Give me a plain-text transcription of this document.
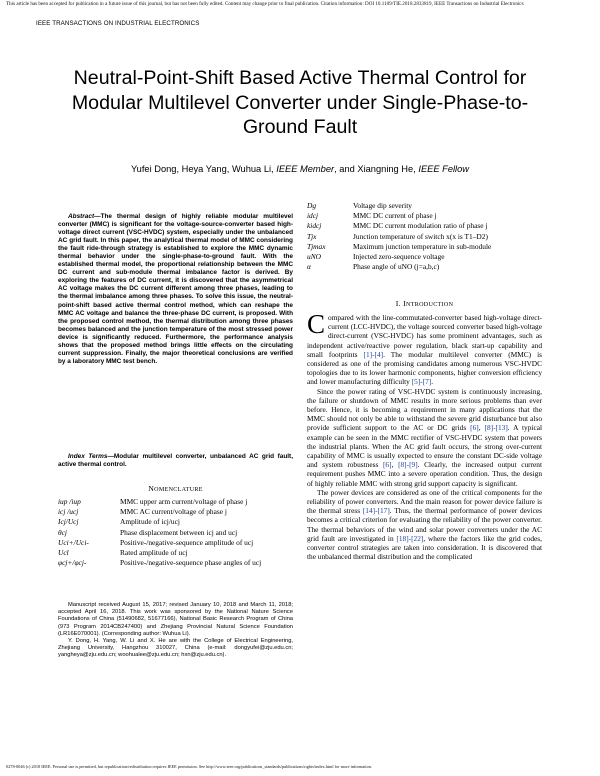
This article has been accepted for publication in a future issue of this journal, but has not been fully edited. Content may change prior to final publication. Citation information: DOI 10.1109/TIE.2018.2833819, IEEE Transactions on Industrial Electronics
IEEE TRANSACTIONS ON INDUSTRIAL ELECTRONICS
Neutral-Point-Shift Based Active Thermal Control for Modular Multilevel Converter under Single-Phase-to-Ground Fault
Yufei Dong, Heya Yang, Wuhua Li, IEEE Member, and Xiangning He, IEEE Fellow

Abstract—The thermal design of highly reliable modular multilevel converter (MMC) is significant for the voltage-source-converter based high-voltage direct current (VSC-HVDC) system, especially under the unbalanced AC grid fault. In this paper, the analytical thermal model of MMC considering the fault ride-through strategy is established to explore the MMC dynamic thermal behavior under the single-phase-to-ground fault. With the established thermal model, the proportional relationship between the MMC DC current and sub-module thermal imbalance factor is derived. By exploring the features of DC current, it is discovered that the asymmetrical AC voltage makes the DC current different among three phases, leading to the thermal imbalance among three phases. To solve this issue, the neutral-point-shift based active thermal control method, which can reshape the MMC AC voltage and balance the three-phase DC current, is proposed. With the proposed control method, the thermal distribution among three phases becomes balanced and the junction temperature of the most stressed power device is significantly reduced. Furthermore, the performance analysis shows that the proposed method brings little effects on the circulating current suppression. Finally, the major theoretical conclusions are verified by a laboratory MMC test bench.

Index Terms—Modular multilevel converter, unbalanced AC grid fault, active thermal control.

NOMENCLATURE
iup /iup	MMC upper arm current/voltage of phase j
icj /ucj	MMC AC current/voltage of phase j
Icj/Ucj	Amplitude of icj/ucj
θcj	Phase displacement between icj and ucj
Uci+/Uci-	Positive-/negative-sequence amplitude of ucj
Ucl	Rated amplitude of ucj
φcj+/φcj-	Positive-/negative-sequence phase angles of ucj

Manuscript received August 15, 2017; revised January 10, 2018 and March 11, 2018; accepted April 16, 2018. This work was sponsored by the National Nature Science Foundations of China (51490682, 51677166), National Basic Research Program of China (973 Program 2014CB247400) and Zhejiang Provincial Natural Science Foundation (LR16E070001). (Corresponding author: Wuhua Li).

Y. Dong, H. Yang, W. Li and X. He are with the College of Electrical Engineering, Zhejiang University, Hangzhou 310027, China (e-mail: dongyufei@zju.edu.cn; yangheya@zju.edu.cn; woohualee@zju.edu.cn; hxn@zju.edu.cn).

Dg	Voltage dip severity
idcj	MMC DC current of phase j
kidcj	MMC DC current modulation ratio of phase j
Tjx	Junction temperature of switch x(x is T1–D2)
Tjmax	Maximum junction temperature in sub-module
uNO	Injected zero-sequence voltage
α	Phase angle of uNO (j=a,b,c)
I. INTRODUCTION

Compared with the line-commutated-converter based high-voltage direct-current (LCC-HVDC), the voltage sourced converter based high-voltage direct-current (VSC-HVDC) has some prominent advantages, such as independent active/reactive power regulation, black start-up capability and small footprints [1]-[4]. The modular multilevel converter (MMC) is considered as one of the promising candidates among numerous VSC-HVDC topologies due to its lower harmonic components, higher conversion efficiency and lower manufacturing difficulty [5]-[7].

Since the power rating of VSC-HVDC system is continuously increasing, the failure or shutdown of MMC results in more serious problems than ever before. Hence, it is becoming a requirement in many applications that the MMC should not only be able to withstand the severe grid disturbance but also provide sufficient support to the AC or DC grids [6], [8]-[13]. A typical example can be seen in the MMC rectifier of VSC-HVDC system that powers the industrial plants. When the AC grid fault occurs, the strong over-current capability of MMC is usually expected to ensure the constant DC-side voltage and system robustness [6], [8]-[9]. Clearly, the increased output current requirement pushes MMC into a severe operation condition. Thus, the design of highly reliable MMC with strong grid support capacity is significant.

The power devices are considered as one of the critical components for the reliability of power converters. And the main reason for power device failure is the thermal stress [14]-[17]. Thus, the thermal performance of power devices becomes a critical criterion for evaluating the reliability of the power converter. The thermal behaviors of the wind and solar power converters under the AC grid fault are investigated in [18]-[22], where the factors like the grid codes, converter control strategies are taken into consideration. It is discovered that the unbalanced thermal distribution and the complicated

0278-0046 (c) 2018 IEEE. Personal use is permitted, but republication/redistribution requires IEEE permission. See http://www.ieee.org/publications_standards/publications/rights/index.html for more information.
